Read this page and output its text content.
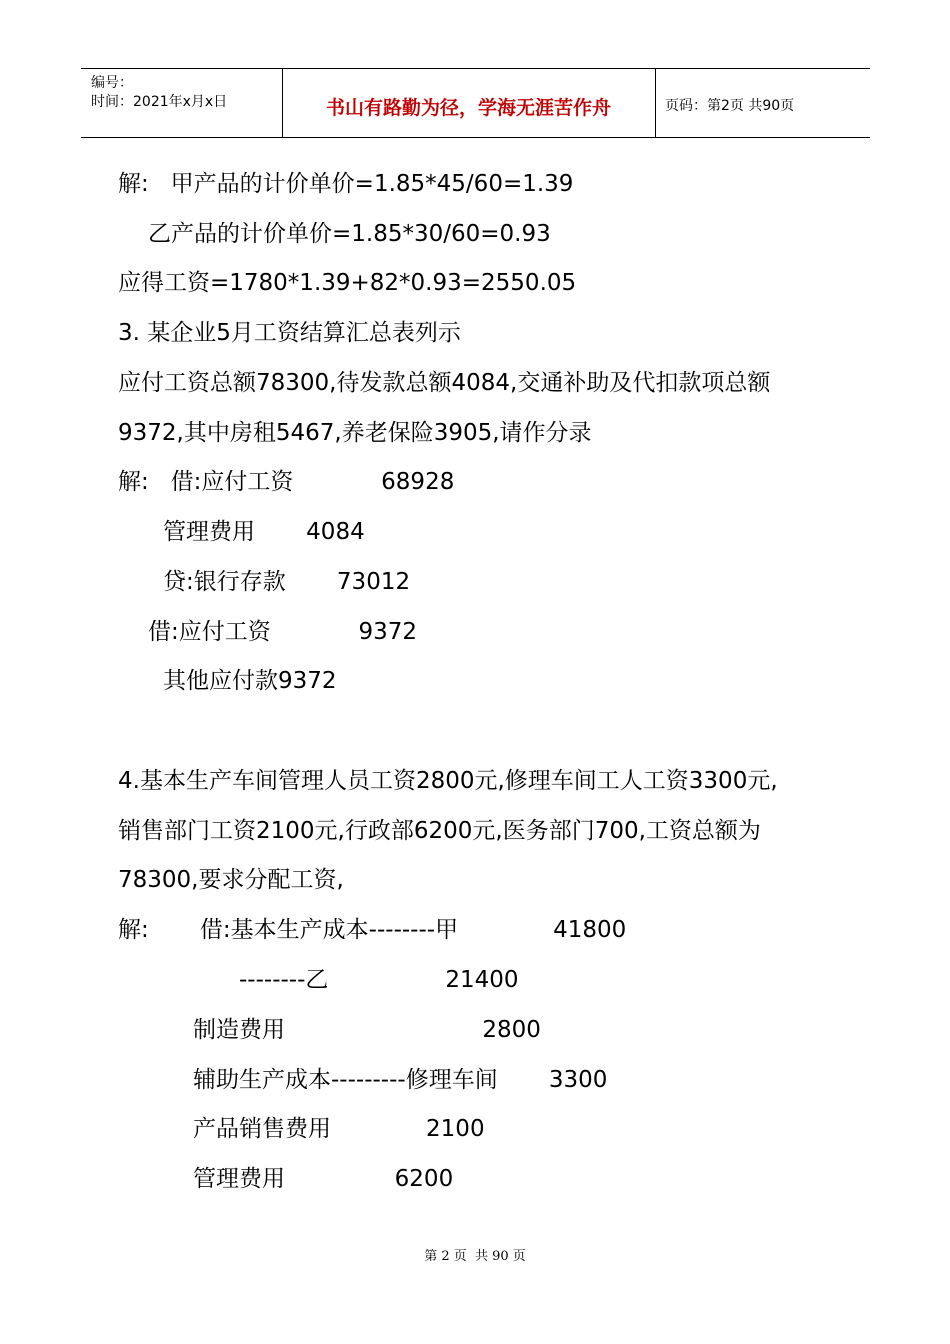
编号：
时间：2021年x月x日	书山有路勤为径，学海无涯苦作舟	页码：第2页 共90页
解:   甲产品的计价单价=1.85*45/60=1.39
乙产品的计价单价=1.85*30/60=0.93
应得工资=1780*1.39+82*0.93=2550.05
3. 某企业5月工资结算汇总表列示
应付工资总额78300,待发款总额4084,交通补助及代扣款项总额
9372,其中房租5467,养老保险3905,请作分录
解:   借:应付工资            68928
管理费用       4084
贷:银行存款       73012
借:应付工资            9372
其他应付款9372
4.基本生产车间管理人员工资2800元,修理车间工人工资3300元,
销售部门工资2100元,行政部6200元,医务部门700,工资总额为
78300,要求分配工资,
解:       借:基本生产成本--------甲             41800
--------乙                21400
制造费用                           2800
辅助生产成本---------修理车间       3300
产品销售费用             2100
管理费用               6200
第 2 页  共 90 页
